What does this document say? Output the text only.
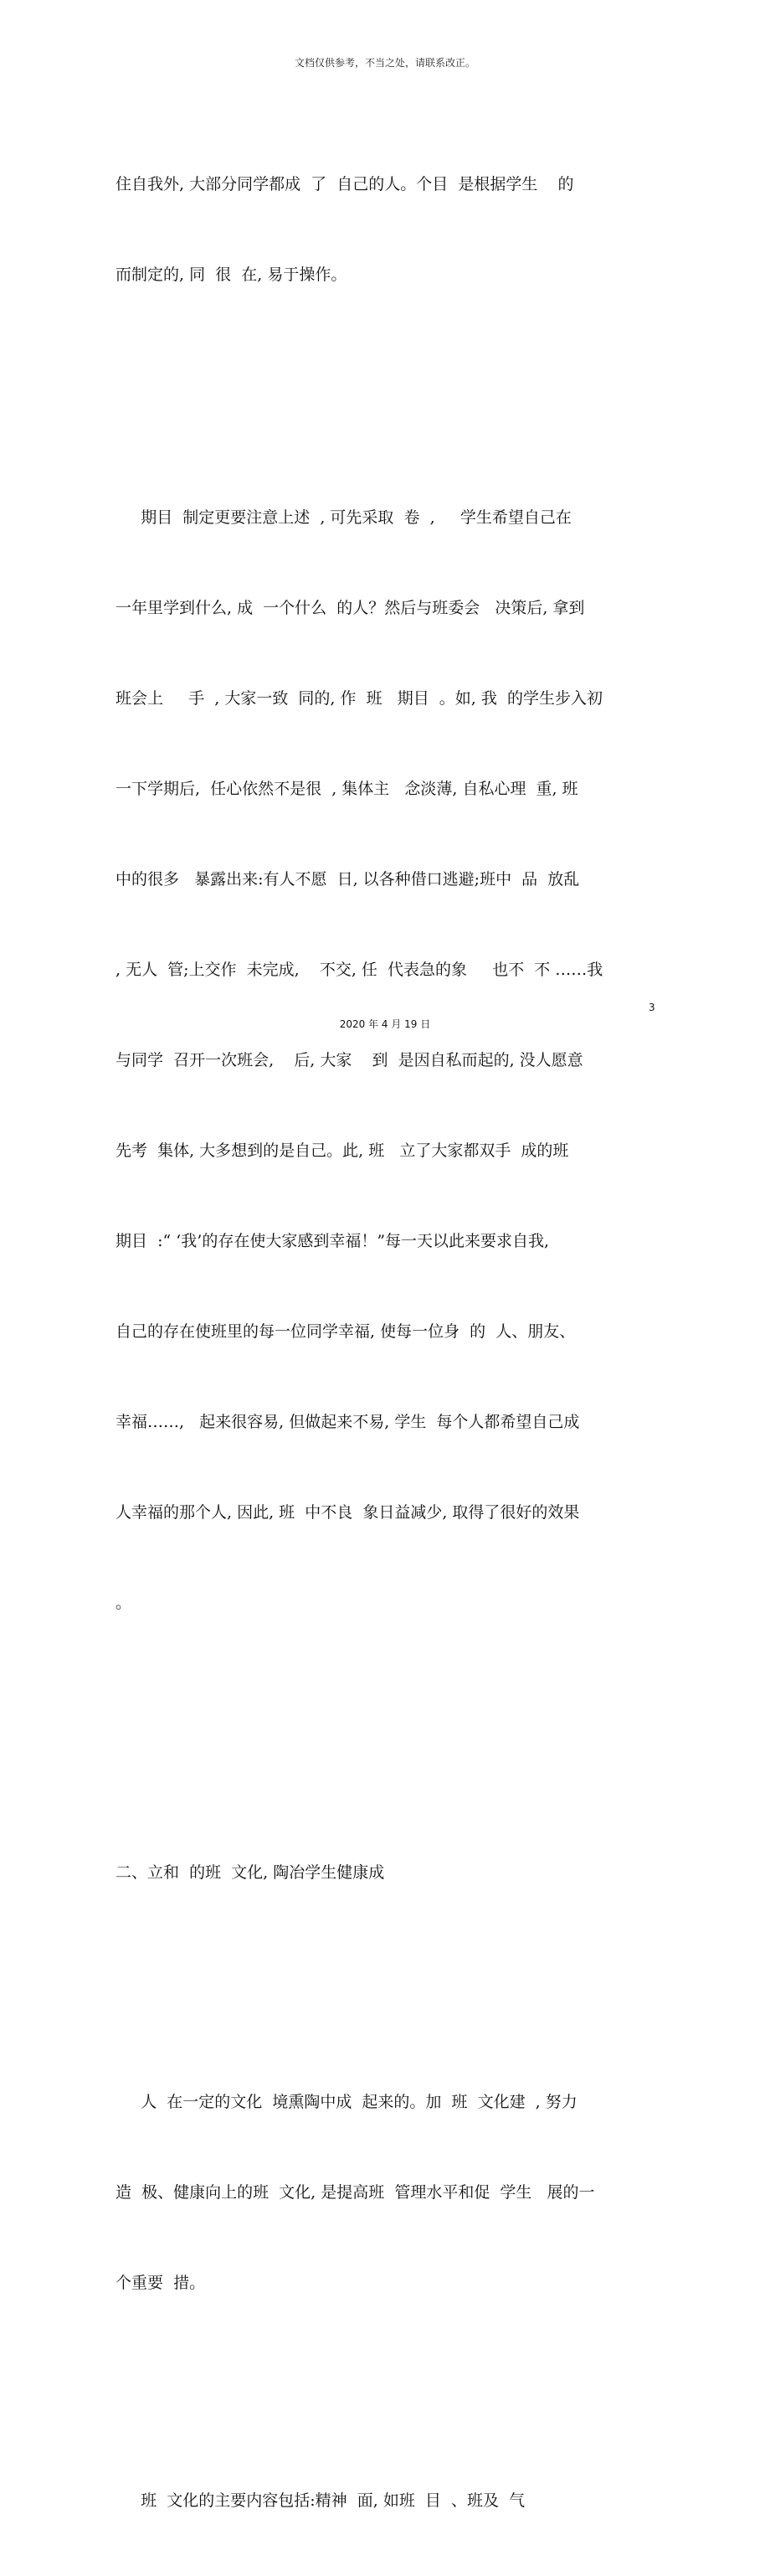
文档仅供参考，不当之处，请联系改正。

住自我外, 大部分同学都成  了  自己的人。个目  是根据学生    的

而制定的, 同  很  在, 易于操作。

期目  制定更要注意上述  , 可先采取  卷  ,     学生希望自己在

一年里学到什么, 成  一个什么  的人？然后与班委会   决策后, 拿到

班会上     手  , 大家一致  同的, 作  班   期目  。如, 我  的学生步入初

一下学期后,  任心依然不是很  , 集体主   念淡薄, 自私心理  重, 班

中的很多   暴露出来:有人不愿  日, 以各种借口逃避;班中  品  放乱

, 无人  管;上交作  未完成,    不交, 任  代表急的象     也不  不 ……我

与同学  召开一次班会,    后, 大家    到  是因自私而起的, 没人愿意

先考  集体, 大多想到的是自己。此, 班   立了大家都双手  成的班

期目  :“ ‘我’的存在使大家感到幸福！”每一天以此来要求自我,

自己的存在使班里的每一位同学幸福, 使每一位身  的  人、朋友、

幸福……,   起来很容易, 但做起来不易, 学生  每个人都希望自己成

人幸福的那个人, 因此, 班  中不良  象日益减少, 取得了很好的效果

。

二、立和  的班  文化, 陶冶学生健康成

人  在一定的文化  境熏陶中成  起来的。加  班  文化建  , 努力

造  极、健康向上的班  文化, 是提高班  管理水平和促  学生   展的一

个重要  措。

班  文化的主要内容包括:精神  面, 如班  目  、班及  气

3
2020 年 4 月 19 日
